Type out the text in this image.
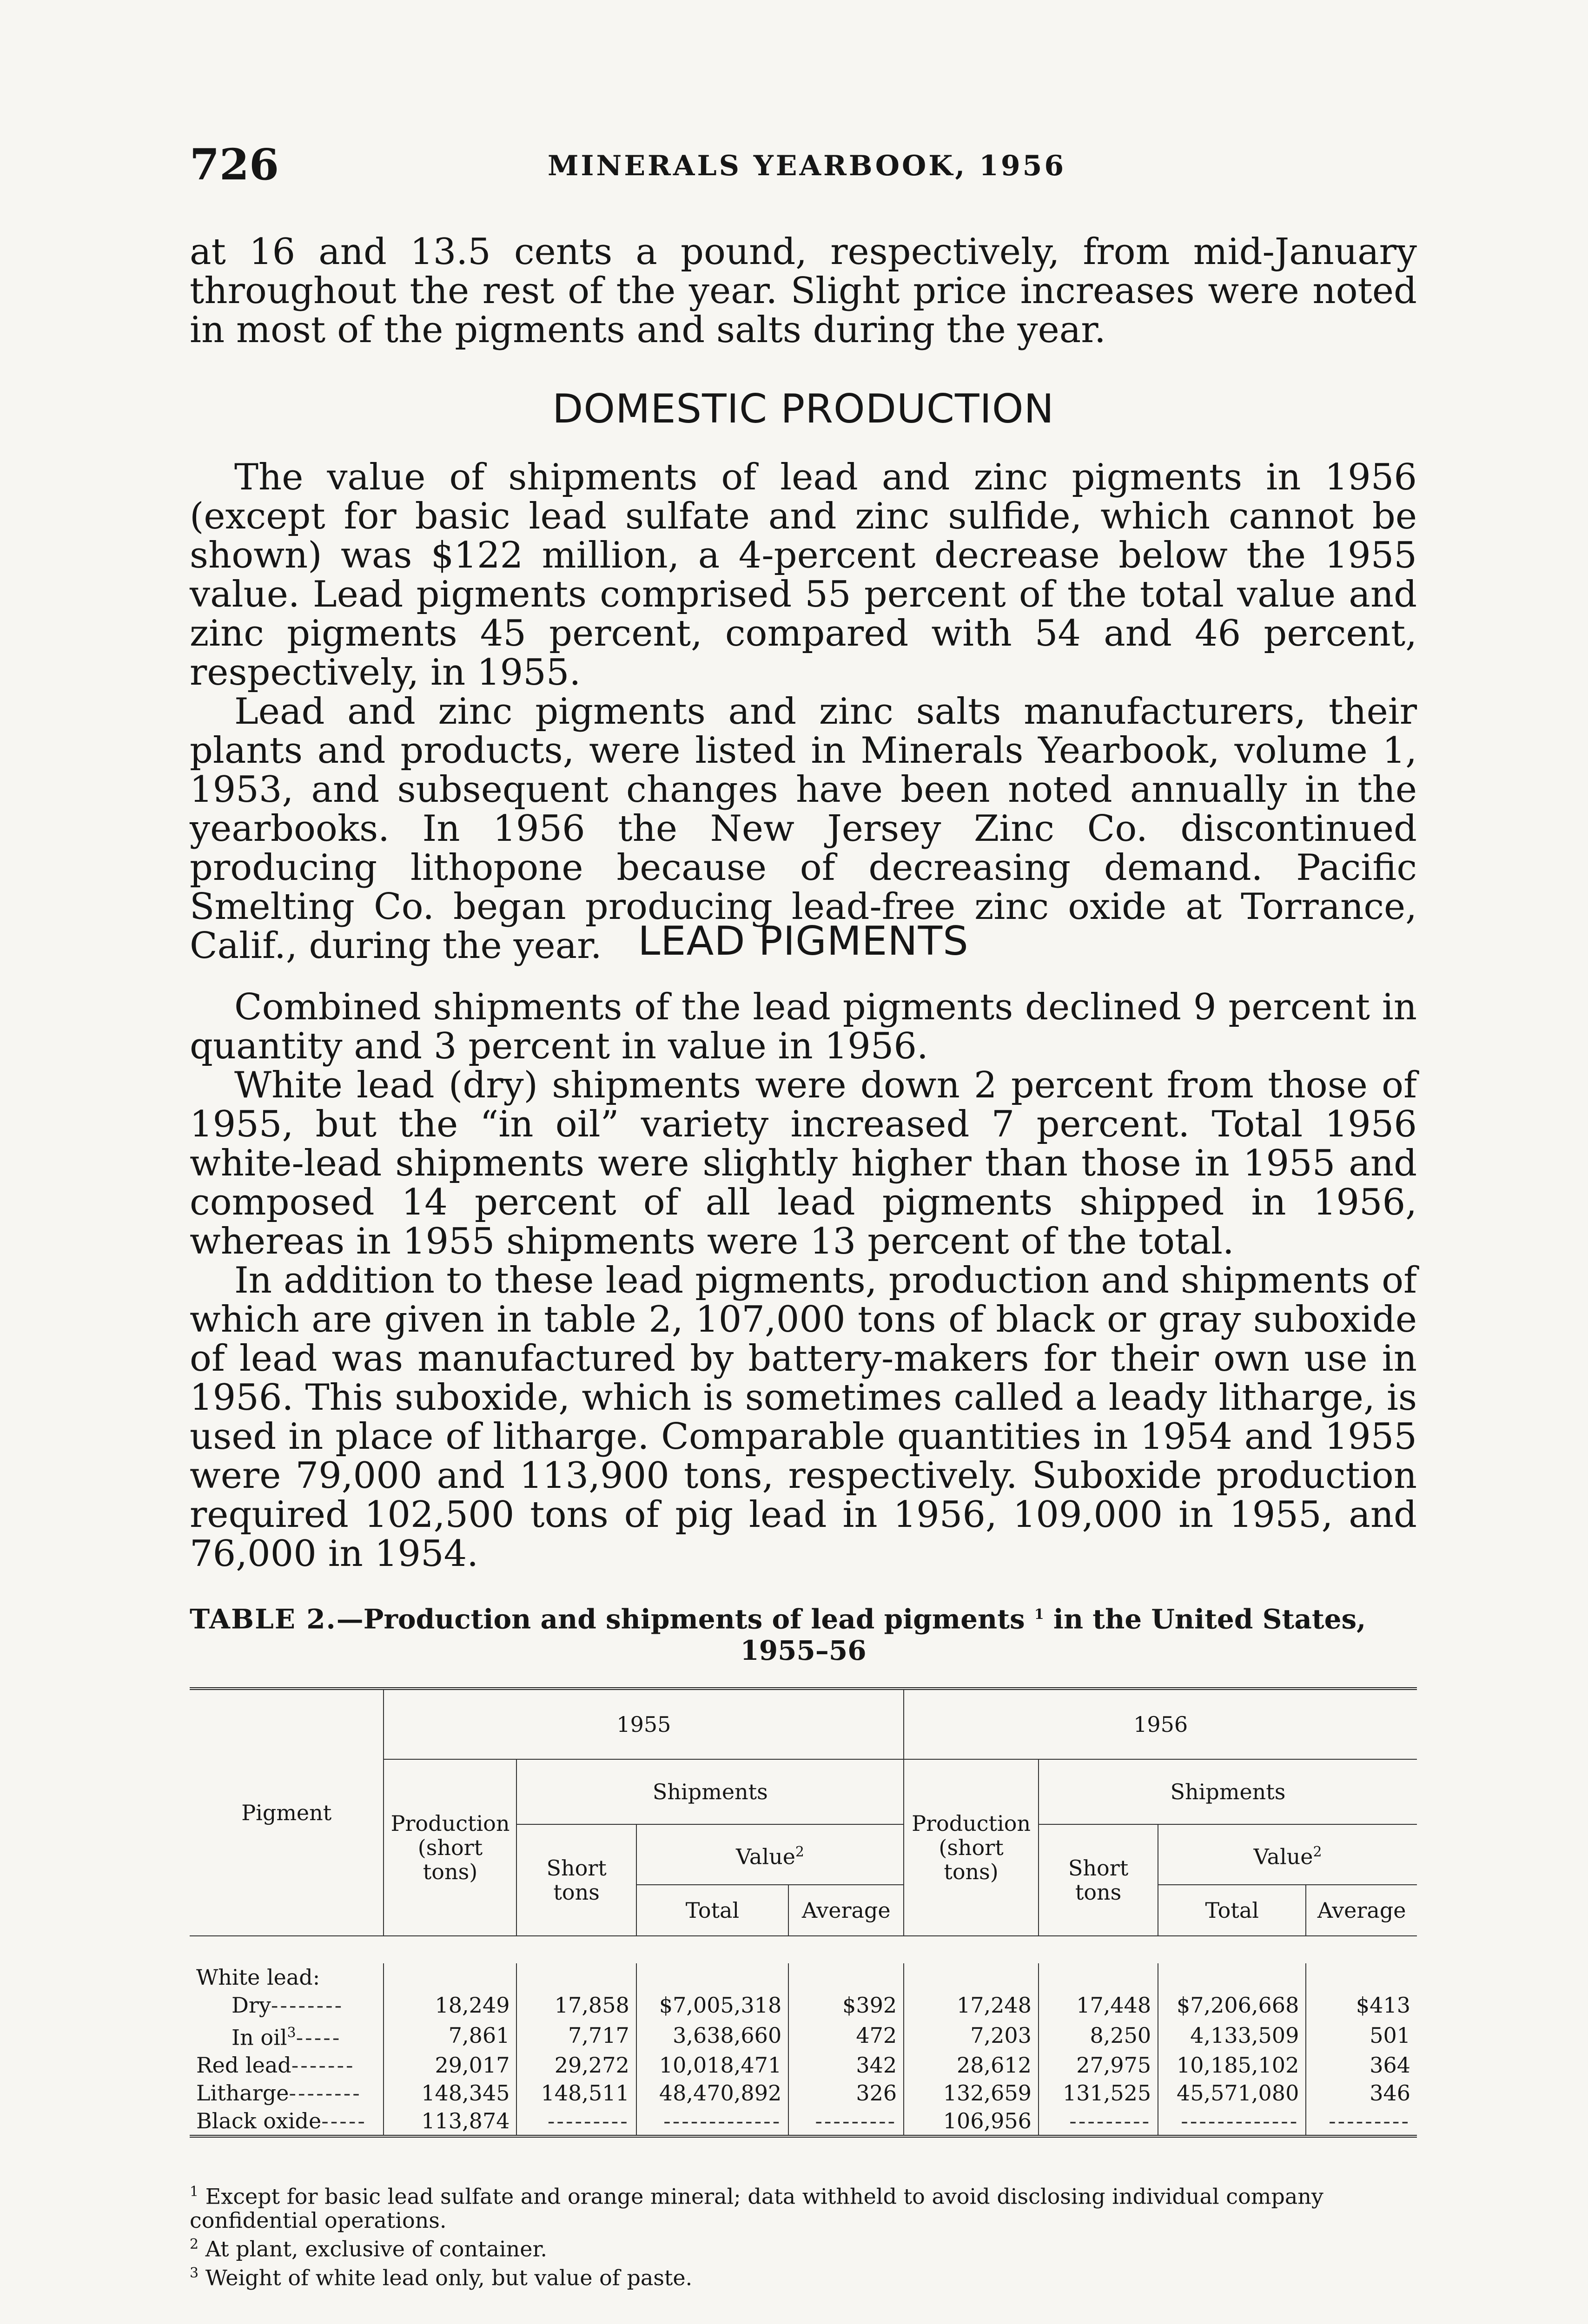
726	MINERALS YEARBOOK, 1956

at 16 and 13.5 cents a pound, respectively, from mid-January throughout the rest of the year. Slight price increases were noted in most of the pigments and salts during the year.

DOMESTIC PRODUCTION

The value of shipments of lead and zinc pigments in 1956 (except for basic lead sulfate and zinc sulfide, which cannot be shown) was $122 million, a 4-percent decrease below the 1955 value. Lead pigments comprised 55 percent of the total value and zinc pigments 45 percent, compared with 54 and 46 percent, respectively, in 1955.

Lead and zinc pigments and zinc salts manufacturers, their plants and products, were listed in Minerals Yearbook, volume 1, 1953, and subsequent changes have been noted annually in the yearbooks. In 1956 the New Jersey Zinc Co. discontinued producing lithopone because of decreasing demand. Pacific Smelting Co. began producing lead-free zinc oxide at Torrance, Calif., during the year. LEAD PIGMENTS

Combined shipments of the lead pigments declined 9 percent in quantity and 3 percent in value in 1956.

White lead (dry) shipments were down 2 percent from those of 1955, but the “in oil” variety increased 7 percent. Total 1956 white-lead shipments were slightly higher than those in 1955 and composed 14 percent of all lead pigments shipped in 1956, whereas in 1955 shipments were 13 percent of the total.

In addition to these lead pigments, production and shipments of which are given in table 2, 107,000 tons of black or gray suboxide of lead was manufactured by battery-makers for their own use in 1956. This suboxide, which is sometimes called a leady litharge, is used in place of litharge. Comparable quantities in 1954 and 1955 were 79,000 and 113,900 tons, respectively. Suboxide production required 102,500 tons of pig lead in 1956, 109,000 in 1955, and 76,000 in 1954.

TABLE 2.—Production and shipments of lead pigments $^1$ in the United States,
1955–56
Pigment	1955				1956			
	Production (short tons)	Shipments			Production (short tons)	Shipments		
		Short tons	Value$^2$			Short tons	Value$^2$
			Total	Average			Total	Average

White lead:								
Dry--------	18,249	17,858	$7,005,318	$392	17,248	17,448	$7,206,668	$413
In oil$^3$-----	7,861	7,717	3,638,660	472	7,203	8,250	4,133,509	501
Red lead-------	29,017	29,272	10,018,471	342	28,612	27,975	10,185,102	364
Litharge--------	148,345	148,511	48,470,892	326	132,659	131,525	45,571,080	346
Black oxide-----	113,874	---------	-------------	---------	106,956	---------	-------------	---------

$^1$ Except for basic lead sulfate and orange mineral; data withheld to avoid disclosing individual company confidential operations.

$^2$ At plant, exclusive of container.

$^3$ Weight of white lead only, but value of paste.
